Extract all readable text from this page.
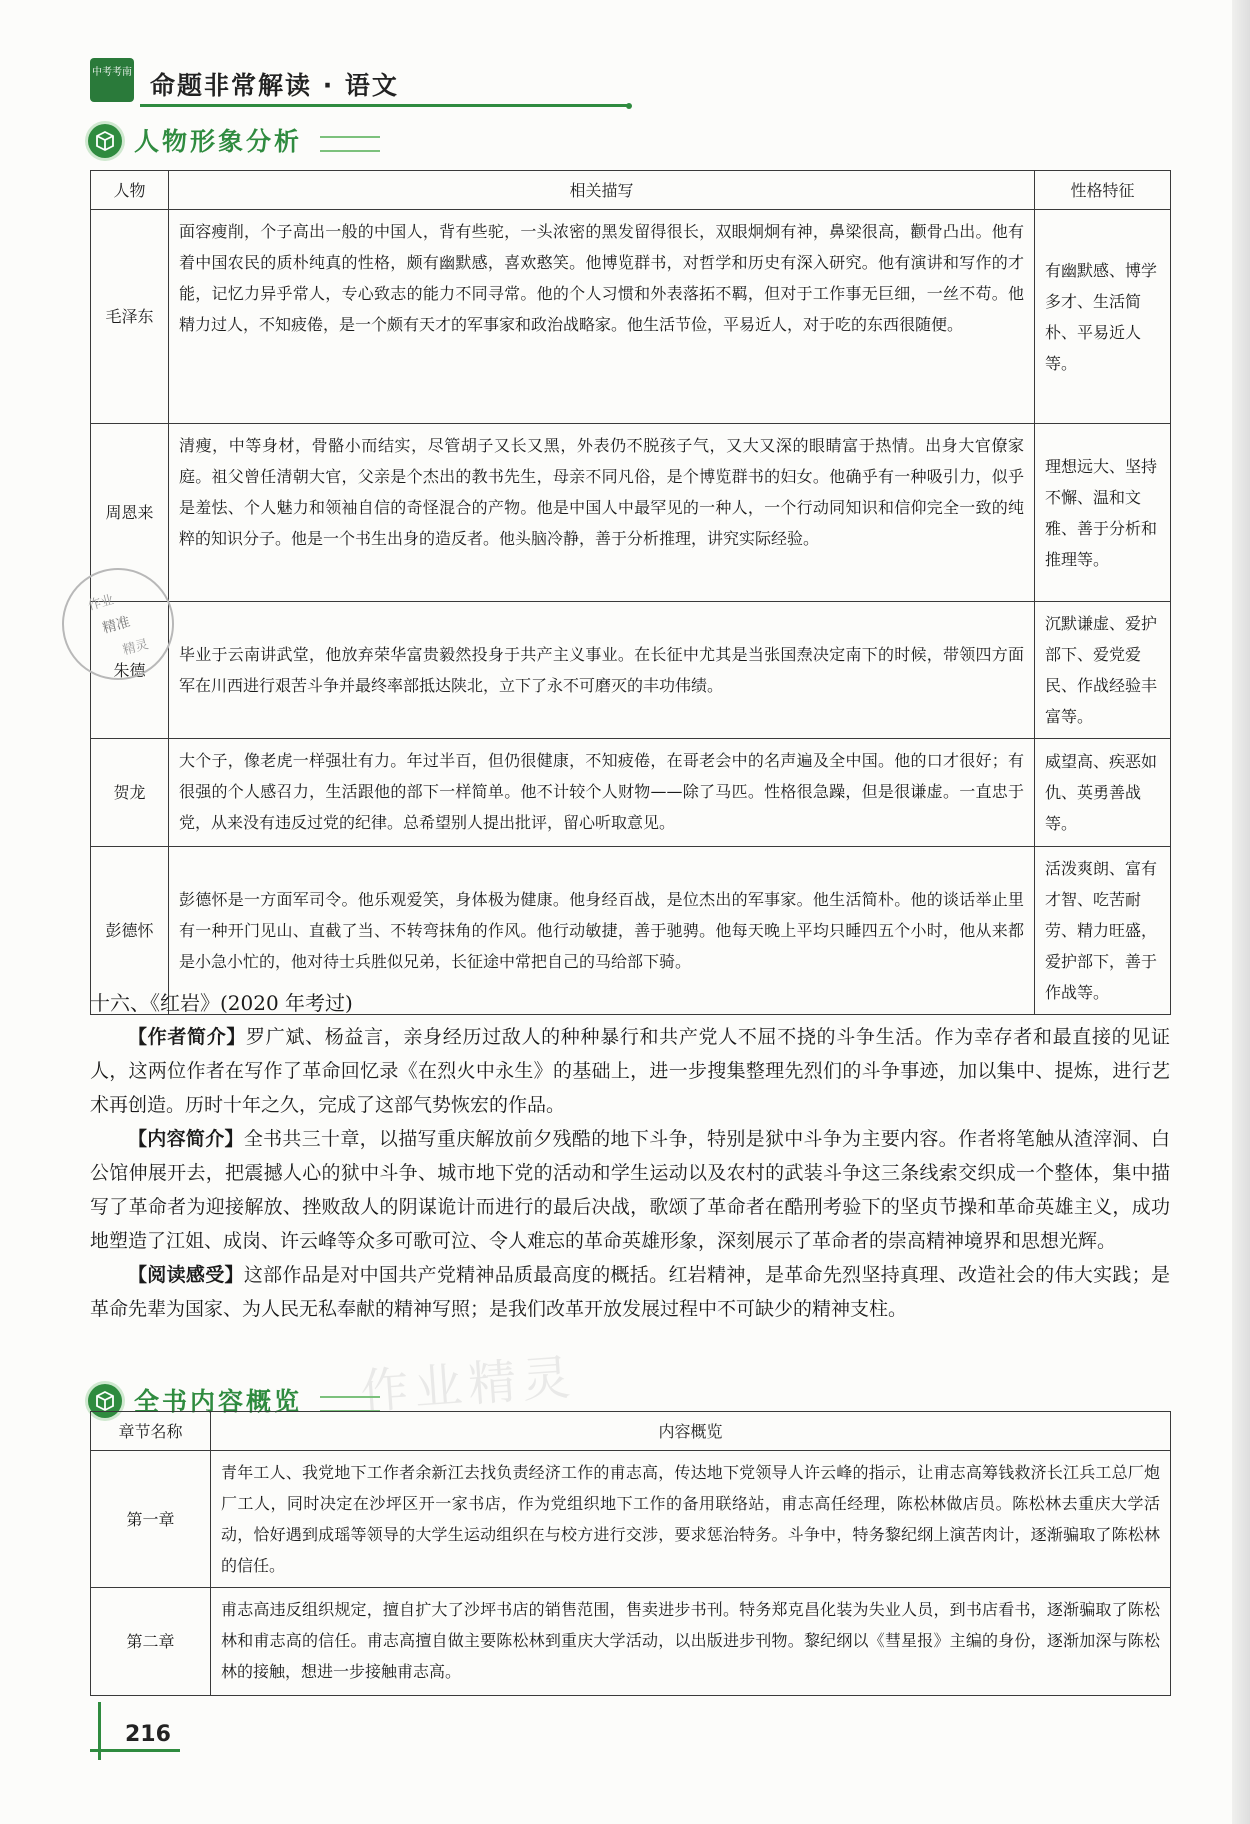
中考考南 命题非常解读 · 语文
人物形象分析
人物	相关描写	性格特征
毛泽东	面容瘦削，个子高出一般的中国人，背有些驼，一头浓密的黑发留得很长，双眼炯炯有神，鼻梁很高，颧骨凸出。他有着中国农民的质朴纯真的性格，颇有幽默感，喜欢憨笑。他博览群书，对哲学和历史有深入研究。他有演讲和写作的才能，记忆力异乎常人，专心致志的能力不同寻常。他的个人习惯和外表落拓不羁，但对于工作事无巨细，一丝不苟。他精力过人，不知疲倦，是一个颇有天才的军事家和政治战略家。他生活节俭，平易近人，对于吃的东西很随便。	有幽默感、博学多才、生活简朴、平易近人等。
周恩来	清瘦，中等身材，骨骼小而结实，尽管胡子又长又黑，外表仍不脱孩子气，又大又深的眼睛富于热情。出身大官僚家庭。祖父曾任清朝大官，父亲是个杰出的教书先生，母亲不同凡俗，是个博览群书的妇女。他确乎有一种吸引力，似乎是羞怯、个人魅力和领袖自信的奇怪混合的产物。他是中国人中最罕见的一种人，一个行动同知识和信仰完全一致的纯粹的知识分子。他是一个书生出身的造反者。他头脑冷静，善于分析推理，讲究实际经验。	理想远大、坚持不懈、温和文雅、善于分析和推理等。
朱德	毕业于云南讲武堂，他放弃荣华富贵毅然投身于共产主义事业。在长征中尤其是当张国焘决定南下的时候，带领四方面军在川西进行艰苦斗争并最终率部抵达陕北，立下了永不可磨灭的丰功伟绩。	沉默谦虚、爱护部下、爱党爱民、作战经验丰富等。
贺龙	大个子，像老虎一样强壮有力。年过半百，但仍很健康，不知疲倦，在哥老会中的名声遍及全中国。他的口才很好；有很强的个人感召力，生活跟他的部下一样简单。他不计较个人财物——除了马匹。性格很急躁，但是很谦虚。一直忠于党，从来没有违反过党的纪律。总希望别人提出批评，留心听取意见。	威望高、疾恶如仇、英勇善战等。
彭德怀	彭德怀是一方面军司令。他乐观爱笑，身体极为健康。他身经百战，是位杰出的军事家。他生活简朴。他的谈话举止里有一种开门见山、直截了当、不转弯抹角的作风。他行动敏捷，善于驰骋。他每天晚上平均只睡四五个小时，他从来都是小急小忙的，他对待士兵胜似兄弟，长征途中常把自己的马给部下骑。	活泼爽朗、富有才智、吃苦耐劳、精力旺盛，爱护部下，善于作战等。
作业
精准
精灵

十六、《红岩》(2020 年考过)

【作者简介】罗广斌、杨益言，亲身经历过敌人的种种暴行和共产党人不屈不挠的斗争生活。作为幸存者和最直接的见证人，这两位作者在写作了革命回忆录《在烈火中永生》的基础上，进一步搜集整理先烈们的斗争事迹，加以集中、提炼，进行艺术再创造。历时十年之久，完成了这部气势恢宏的作品。

【内容简介】全书共三十章，以描写重庆解放前夕残酷的地下斗争，特别是狱中斗争为主要内容。作者将笔触从渣滓洞、白公馆伸展开去，把震撼人心的狱中斗争、城市地下党的活动和学生运动以及农村的武装斗争这三条线索交织成一个整体，集中描写了革命者为迎接解放、挫败敌人的阴谋诡计而进行的最后决战，歌颂了革命者在酷刑考验下的坚贞节操和革命英雄主义，成功地塑造了江姐、成岗、许云峰等众多可歌可泣、令人难忘的革命英雄形象，深刻展示了革命者的崇高精神境界和思想光辉。

【阅读感受】这部作品是对中国共产党精神品质最高度的概括。红岩精神，是革命先烈坚持真理、改造社会的伟大实践；是革命先辈为国家、为人民无私奉献的精神写照；是我们改革开放发展过程中不可缺少的精神支柱。

作业精灵
全书内容概览
章节名称	内容概览
第一章	青年工人、我党地下工作者余新江去找负责经济工作的甫志高，传达地下党领导人许云峰的指示，让甫志高筹钱救济长江兵工总厂炮厂工人，同时决定在沙坪区开一家书店，作为党组织地下工作的备用联络站，甫志高任经理，陈松林做店员。陈松林去重庆大学活动，恰好遇到成瑶等领导的大学生运动组织在与校方进行交涉，要求惩治特务。斗争中，特务黎纪纲上演苦肉计，逐渐骗取了陈松林的信任。
第二章	甫志高违反组织规定，擅自扩大了沙坪书店的销售范围，售卖进步书刊。特务郑克昌化装为失业人员，到书店看书，逐渐骗取了陈松林和甫志高的信任。甫志高擅自做主要陈松林到重庆大学活动，以出版进步刊物。黎纪纲以《彗星报》主编的身份，逐渐加深与陈松林的接触，想进一步接触甫志高。
216
